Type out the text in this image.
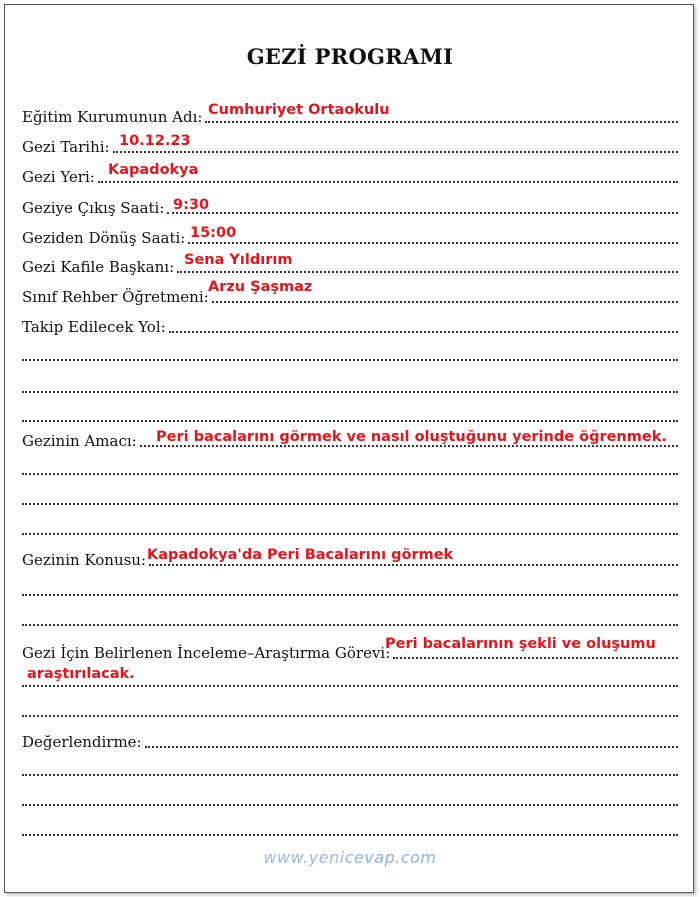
GEZİ PROGRAMI
Eğitim Kurumunun Adı: Cumhuriyet Ortaokulu
Gezi Tarihi: 10.12.23
Gezi Yeri: Kapadokya
Geziye Çıkış Saati: 9:30
Geziden Dönüş Saati: 15:00
Gezi Kafile Başkanı: Sena Yıldırım
Sınıf Rehber Öğretmeni:
Arzu Şaşmaz
Takip Edilecek Yol:
Gezinin Amacı: Peri bacalarını görmek ve nasıl oluştuğunu yerinde öğrenmek.
Gezinin Konusu: Kapadokya'da Peri Bacalarını görmek
Gezi İçin Belirlenen İnceleme–Araştırma Görevi:
Peri bacalarının şekli ve oluşumu
araştırılacak.
Değerlendirme:
www.yenicevap.com
